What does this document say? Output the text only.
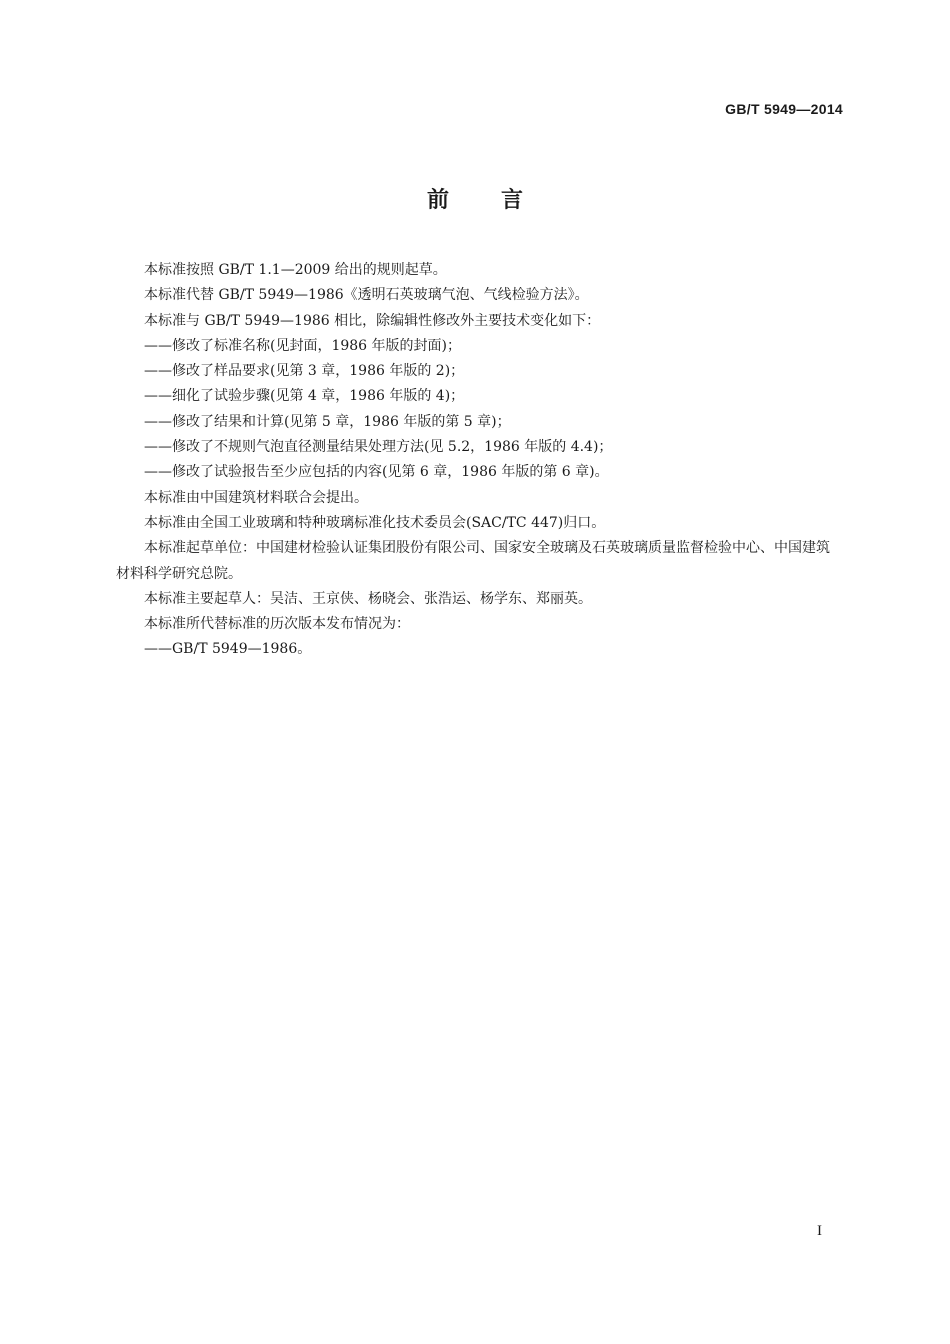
GB/T 5949—2014
前言

本标准按照 GB/T 1.1—2009 给出的规则起草。

本标准代替 GB/T 5949—1986《透明石英玻璃气泡、气线检验方法》。

本标准与 GB/T 5949—1986 相比，除编辑性修改外主要技术变化如下：

——修改了标准名称(见封面，1986 年版的封面)；

——修改了样品要求(见第 3 章，1986 年版的 2)；

——细化了试验步骤(见第 4 章，1986 年版的 4)；

——修改了结果和计算(见第 5 章，1986 年版的第 5 章)；

——修改了不规则气泡直径测量结果处理方法(见 5.2，1986 年版的 4.4)；

——修改了试验报告至少应包括的内容(见第 6 章，1986 年版的第 6 章)。

本标准由中国建筑材料联合会提出。

本标准由全国工业玻璃和特种玻璃标准化技术委员会(SAC/TC 447)归口。

本标准起草单位：中国建材检验认证集团股份有限公司、国家安全玻璃及石英玻璃质量监督检验中心、中国建筑材料科学研究总院。

本标准主要起草人：吴洁、王京侠、杨晓会、张浩运、杨学东、郑丽英。

本标准所代替标准的历次版本发布情况为：

——GB/T 5949—1986。

I
